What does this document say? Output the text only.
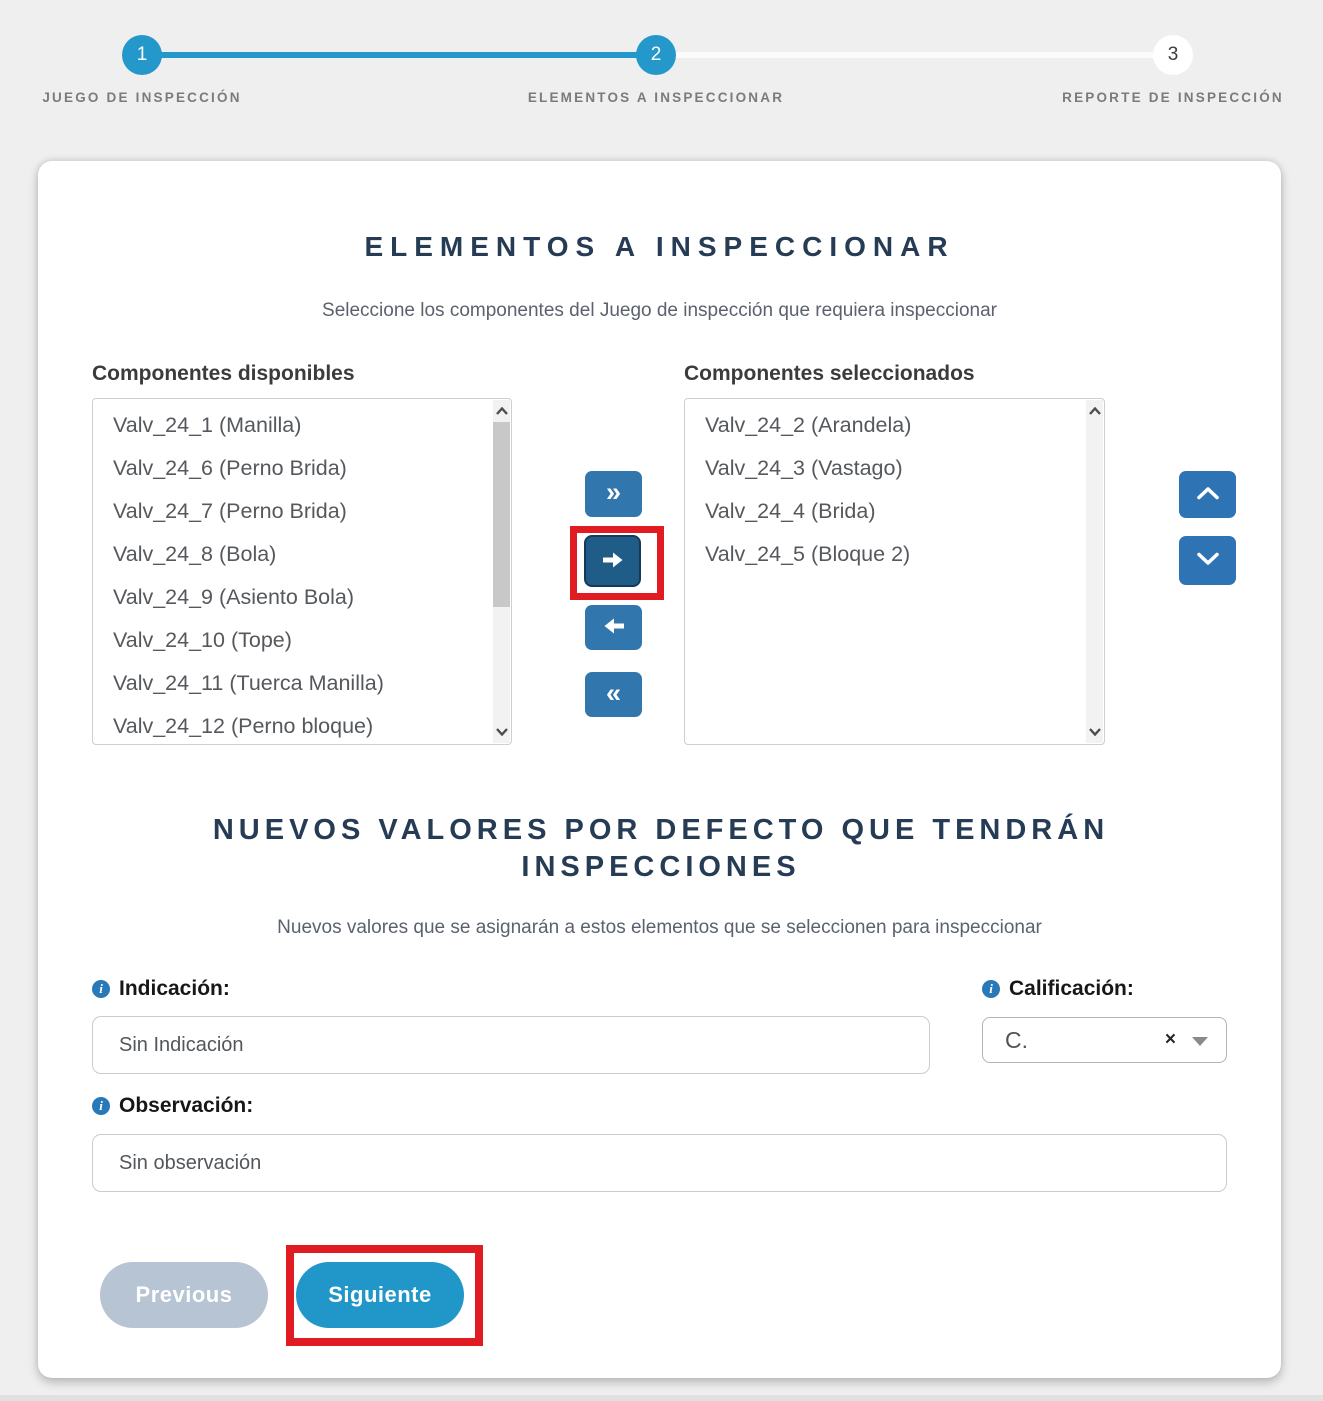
1	2	3
JUEGO DE INSPECCIÓN	ELEMENTOS A INSPECCIONAR	REPORTE DE INSPECCIÓN
ELEMENTOS A INSPECCIONAR
Seleccione los componentes del Juego de inspección que requiera inspeccionar
Componentes disponibles	Componentes seleccionados
Valv_24_1 (Manilla)
Valv_24_6 (Perno Brida)
Valv_24_7 (Perno Brida)
Valv_24_8 (Bola)
Valv_24_9 (Asiento Bola)
Valv_24_10 (Tope)
Valv_24_11 (Tuerca Manilla)
Valv_24_12 (Perno bloque)
Valv_24_2 (Arandela)
Valv_24_3 (Vastago)
Valv_24_4 (Brida)
Valv_24_5 (Bloque 2)
»
«
NUEVOS VALORES POR DEFECTO QUE TENDRÁN INSPECCIONES
Nuevos valores que se asignarán a estos elementos que se seleccionen para inspeccionar
i Indicación:
Sin Indicación	i Calificación:
C.	×
i Observación:
Sin observación
Previous	Siguiente
